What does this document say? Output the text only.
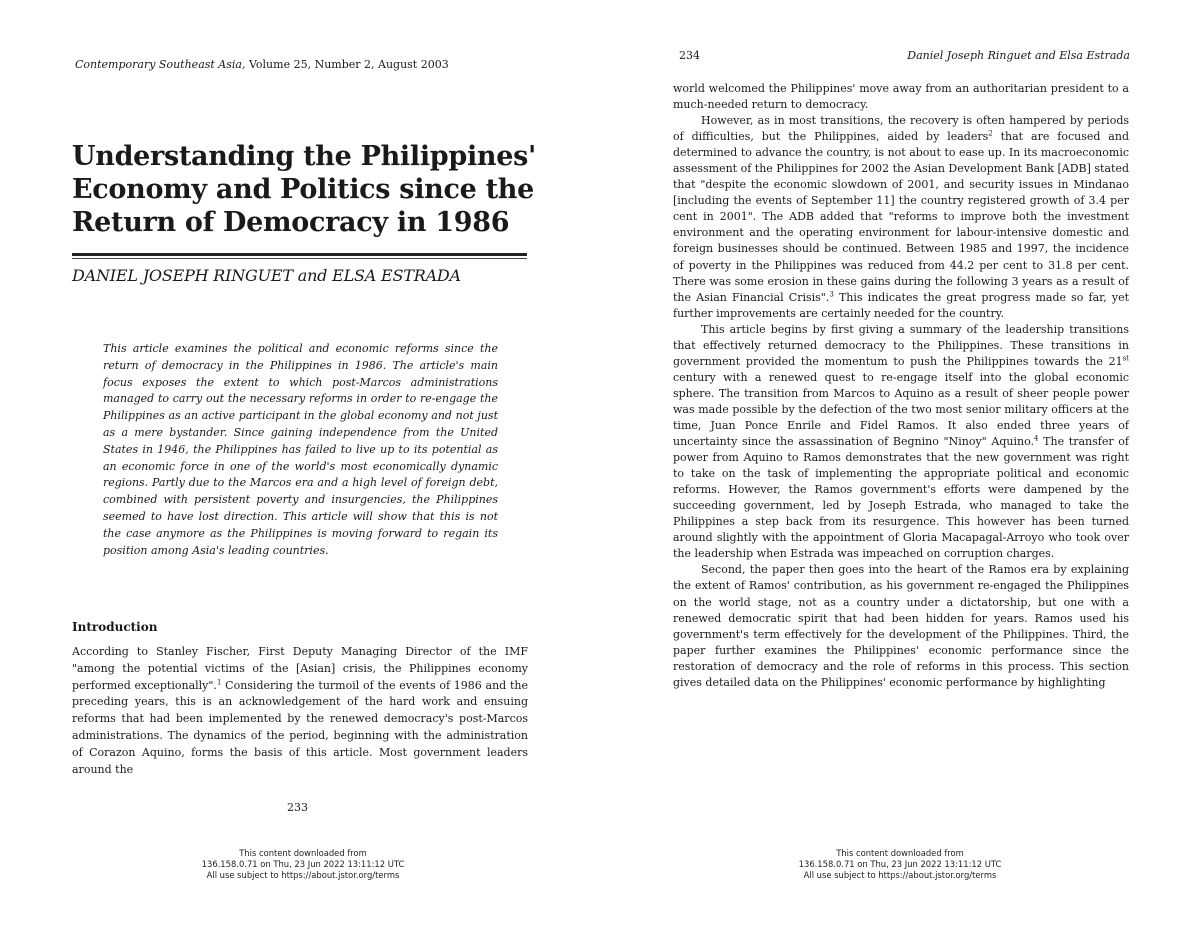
Contemporary Southeast Asia, Volume 25, Number 2, August 2003
Understanding the Philippines' Economy and Politics since the Return of Democracy in 1986
DANIEL JOSEPH RINGUET and ELSA ESTRADA

This article examines the political and economic reforms since the return of democracy in the Philippines in 1986. The article's main focus exposes the extent to which post-Marcos administrations managed to carry out the necessary reforms in order to re-engage the Philippines as an active participant in the global economy and not just as a mere bystander. Since gaining independence from the United States in 1946, the Philippines has failed to live up to its potential as an economic force in one of the world's most economically dynamic regions. Partly due to the Marcos era and a high level of foreign debt, combined with persistent poverty and insurgencies, the Philippines seemed to have lost direction. This article will show that this is not the case anymore as the Philippines is moving forward to regain its position among Asia's leading countries.

Introduction

According to Stanley Fischer, First Deputy Managing Director of the IMF "among the potential victims of the [Asian] crisis, the Philippines economy performed exceptionally".$^1$ Considering the turmoil of the events of 1986 and the preceding years, this is an acknowledgement of the hard work and ensuing reforms that had been implemented by the renewed democracy's post-Marcos administrations. The dynamics of the period, beginning with the administration of Corazon Aquino, forms the basis of this article. Most government leaders around the

233
This content downloaded from
136.158.0.71 on Thu, 23 Jun 2022 13:11:12 UTC
All use subject to https://about.jstor.org/terms
234	Daniel Joseph Ringuet and Elsa Estrada

world welcomed the Philippines' move away from an authoritarian president to a much-needed return to democracy.

However, as in most transitions, the recovery is often hampered by periods of difficulties, but the Philippines, aided by leaders$^2$ that are focused and determined to advance the country, is not about to ease up. In its macroeconomic assessment of the Philippines for 2002 the Asian Development Bank [ADB] stated that "despite the economic slowdown of 2001, and security issues in Mindanao [including the events of September 11] the country registered growth of 3.4 per cent in 2001". The ADB added that "reforms to improve both the investment environment and the operating environment for labour-intensive domestic and foreign businesses should be continued. Between 1985 and 1997, the incidence of poverty in the Philippines was reduced from 44.2 per cent to 31.8 per cent. There was some erosion in these gains during the following 3 years as a result of the Asian Financial Crisis".$^3$ This indicates the great progress made so far, yet further improvements are certainly needed for the country.

This article begins by first giving a summary of the leadership transitions that effectively returned democracy to the Philippines. These transitions in government provided the momentum to push the Philippines towards the 21st century with a renewed quest to re-engage itself into the global economic sphere. The transition from Marcos to Aquino as a result of sheer people power was made possible by the defection of the two most senior military officers at the time, Juan Ponce Enrile and Fidel Ramos. It also ended three years of uncertainty since the assassination of Begnino "Ninoy" Aquino.$^4$ The transfer of power from Aquino to Ramos demonstrates that the new government was right to take on the task of implementing the appropriate political and economic reforms. However, the Ramos government's efforts were dampened by the succeeding government, led by Joseph Estrada, who managed to take the Philippines a step back from its resurgence. This however has been turned around slightly with the appointment of Gloria Macapagal-Arroyo who took over the leadership when Estrada was impeached on corruption charges.

Second, the paper then goes into the heart of the Ramos era by explaining the extent of Ramos' contribution, as his government re-engaged the Philippines on the world stage, not as a country under a dictatorship, but one with a renewed democratic spirit that had been hidden for years. Ramos used his government's term effectively for the development of the Philippines. Third, the paper further examines the Philippines' economic performance since the restoration of democracy and the role of reforms in this process. This section gives detailed data on the Philippines' economic performance by highlighting

This content downloaded from
136.158.0.71 on Thu, 23 Jun 2022 13:11:12 UTC
All use subject to https://about.jstor.org/terms
